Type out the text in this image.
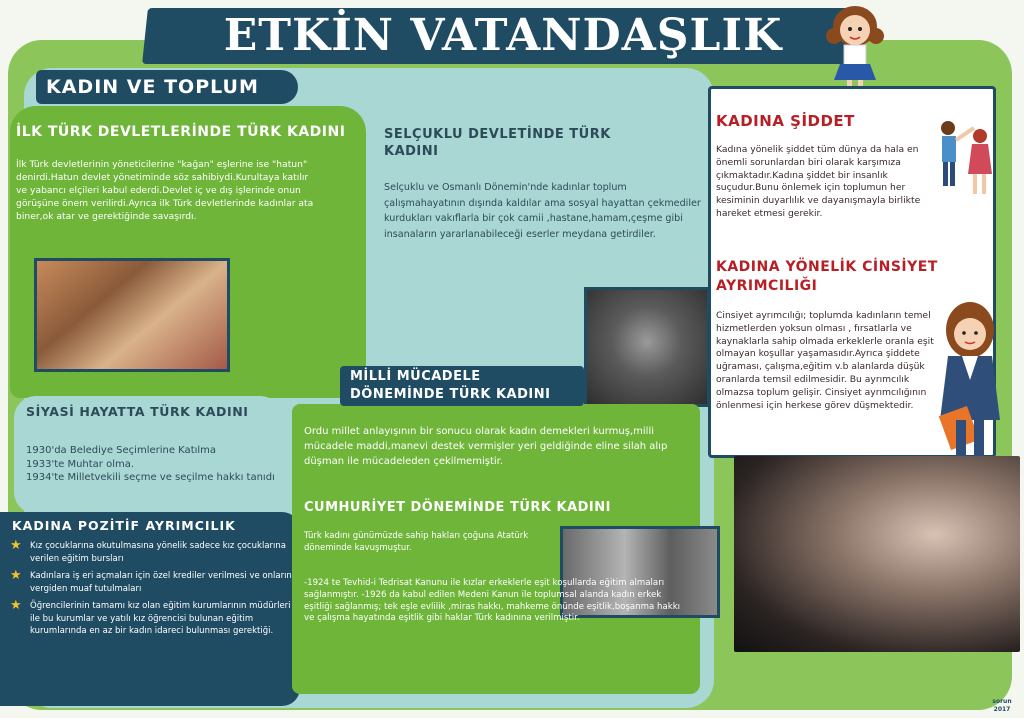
ETKİN VATANDAŞLIK
KADIN VE TOPLUM
İLK TÜRK DEVLETLERİNDE TÜRK KADINI
İlk Türk devletlerinin yöneticilerine "kağan" eşlerine ise "hatun" denirdi.Hatun devlet yönetiminde söz sahibiydi.Kurultaya katılır ve yabancı elçileri kabul ederdi.Devlet iç ve dış işlerinde onun görüşüne önem verilirdi.Ayrıca ilk Türk devletlerinde kadınlar ata biner,ok atar ve gerektiğinde savaşırdı.
SELÇUKLU DEVLETİNDE TÜRK KADINI
Selçuklu ve Osmanlı Dönemin'nde kadınlar toplum çalışmahayatının dışında kaldılar ama sosyal hayattan çekmediler kurdukları vakıflarla bir çok camii ,hastane,hamam,çeşme gibi insanaların yararlanabileceği eserler meydana getirdiler.
SİYASİ HAYATTA TÜRK KADINI
1930'da Belediye Seçimlerine Katılma
1933'te Muhtar olma.
1934'te Milletvekili seçme ve seçilme hakkı tanıdı
KADINA POZİTİF AYRIMCILIK
★ Kız çocuklarına okutulmasına yönelik sadece kız çocuklarına verilen eğitim bursları
★ Kadınlara iş eri açmaları için özel krediler verilmesi ve onların vergiden muaf tutulmaları
★ Öğrencilerinin tamamı kız olan eğitim kurumlarının müdürleri ile bu kurumlar ve yatılı kız öğrencisi bulunan eğitim kurumlarında en az bir kadın idareci bulunması gerektiği.
MİLLİ MÜCADELE
DÖNEMİNDE TÜRK KADINI
Ordu millet anlayışının bir sonucu olarak kadın demekleri kurmuş,milli mücadele maddi,manevi destek vermişler yeri geldiğinde eline silah alıp düşman ile mücadeleden çekilmemiştir.
CUMHURİYET DÖNEMİNDE TÜRK KADINI
Türk kadını günümüzde sahip hakları çoğuna Atatürk döneminde kavuşmuştur.
-1924 te Tevhid-i Tedrisat Kanunu ile kızlar erkeklerle eşit koşullarda eğitim almaları sağlanmıştır. -1926 da kabul edilen Medeni Kanun ile toplumsal alanda kadın erkek eşitliği sağlanmış; tek eşle evlilik ,miras hakkı, mahkeme önünde eşitlik,boşanma hakkı ve çalışma hayatında eşitlik gibi haklar Türk kadınına verilmiştir.
KADINA ŞİDDET
Kadına yönelik şiddet tüm dünya da hala en önemli sorunlardan biri olarak karşımıza çıkmaktadır.Kadına şiddet bir insanlık suçudur.Bunu önlemek için toplumun her kesiminin duyarlılık ve dayanışmayla birlikte hareket etmesi gerekir.
KADINA YÖNELİK CİNSİYET AYRIMCILIĞI
Cinsiyet ayrımcılığı; toplumda kadınların temel hizmetlerden yoksun olması , fırsatlarla ve kaynaklarla sahip olmada erkeklerle oranla eşit olmayan koşullar yaşamasıdır.Ayrıca şiddete uğraması, çalışma,eğitim v.b alanlarda düşük oranlarda temsil edilmesidir. Bu ayrımcılık olmazsa toplum gelişir. Cinsiyet ayrımcılığının önlenmesi için herkese görev düşmektedir.
sorun
2017
